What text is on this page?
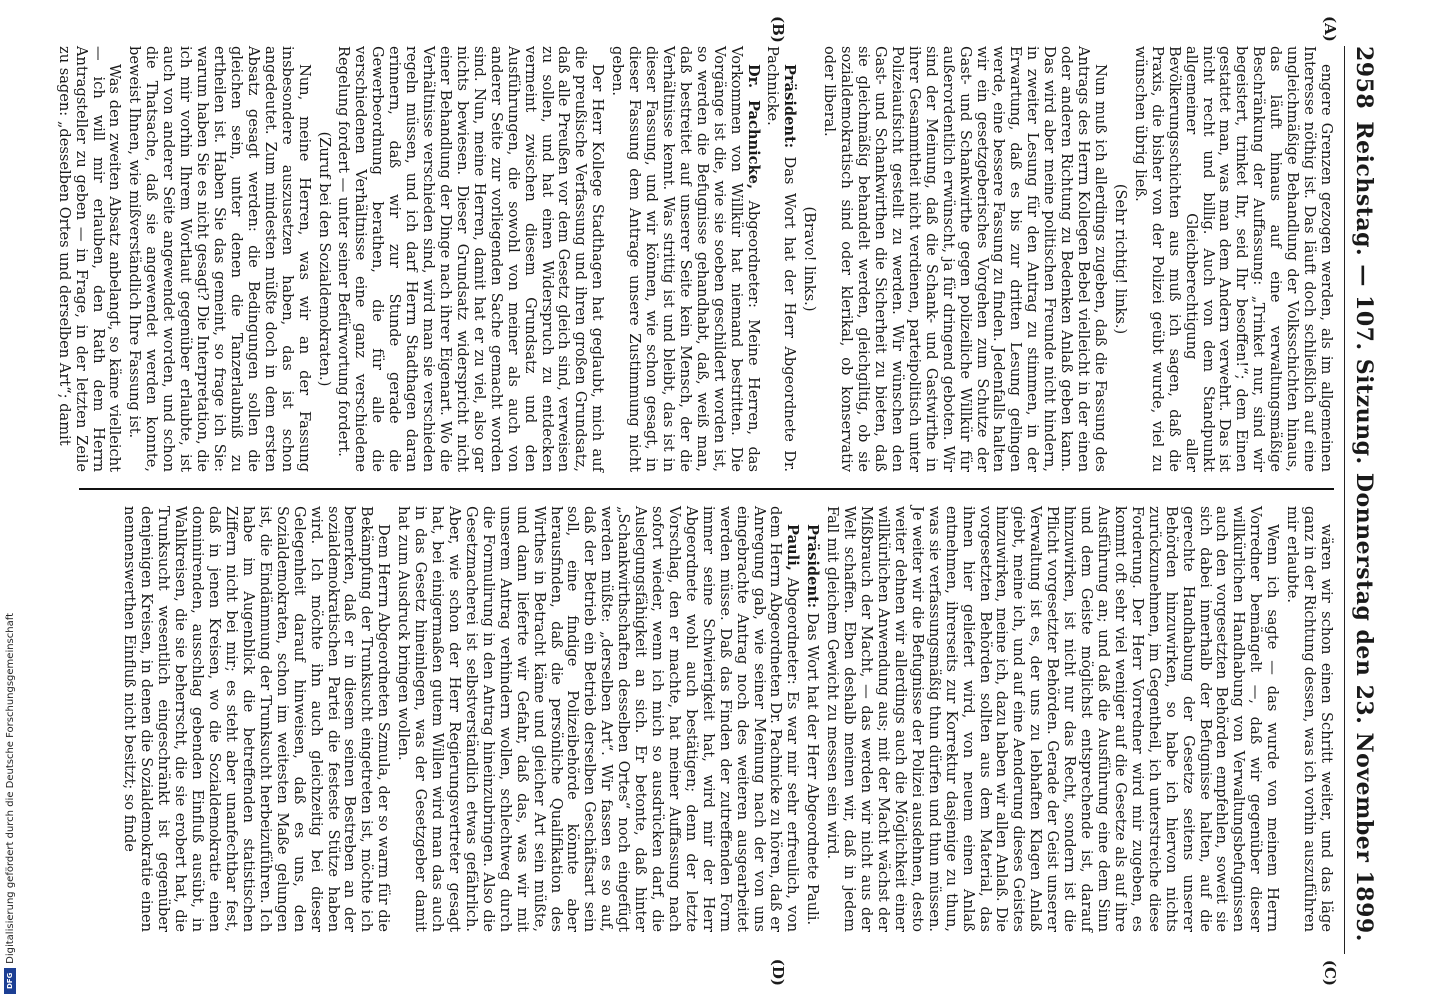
2958
Reichstag. — 107. Sitzung. Donnerstag den 23. November 1899.

engere Grenzen gezogen werden, als im allgemeinen Interesse nöthig ist. Das läuft doch schließlich auf eine ungleichmäßige Behandlung der Volksschichten hinaus, das läuft hinaus auf eine verwaltungsmäßige Beschränkung der Auffassung: „Trinket nur, sind wir begeistert, trinket Ihr, seid Ihr besoffen!“; dem Einen gestattet man, was man dem Andern verwehrt. Das ist nicht recht und billig. Auch von dem Standpunkt allgemeiner Gleichberechtigung aller Bevölkerungsschichten aus muß ich sagen, daß die Praxis, die bisher von der Polizei geübt wurde, viel zu wünschen übrig ließ.

(Sehr richtig! links.)

Nun muß ich allerdings zugeben, daß die Fassung des Antrags des Herrn Kollegen Bebel vielleicht in der einen oder anderen Richtung zu Bedenken Anlaß geben kann. Das wird aber meine politischen Freunde nicht hindern, in zweiter Lesung für den Antrag zu stimmen, in der Erwartung, daß es bis zur dritten Lesung gelingen werde, eine bessere Fassung zu finden. Jedenfalls halten wir ein gesetzgeberisches Vorgehen zum Schutze der Gast- und Schankwirthe gegen polizeiliche Willkür für außerordentlich erwünscht, ja für dringend geboten. Wir sind der Meinung, daß die Schank- und Gastwirthe in ihrer Gesammtheit nicht verdienen, parteipolitisch unter Polizeiaufsicht gestellt zu werden. Wir wünschen den Gast- und Schankwirthen die Sicherheit zu bieten, daß sie gleichmäßig behandelt werden, gleichgiltig, ob sie sozialdemokratisch sind oder klerikal, ob konservativ oder liberal.

(Bravo! links.)

Präsident: Das Wort hat der Herr Abgeordnete Dr. Pachnicke.

Dr. Pachnicke, Abgeordneter: Meine Herren, das Vorkommen von Willkür hat niemand bestritten. Die Vorgänge ist die, wie sie soeben geschildert worden ist, so werden die Befugnisse gehandhabt, daß, weiß man, daß bestreitet auf unserer Seite kein Mensch, der die Verhältnisse kennt. Was strittig ist und bleibt, das ist in dieser Fassung, und wir können, wie schon gesagt, in dieser Fassung dem Antrage unsere Zustimmung nicht geben.

Der Herr Kollege Stadthagen hat geglaubt, mich auf die preußische Verfassung und ihren großen Grundsatz, daß alle Preußen vor dem Gesetz gleich sind, verweisen zu sollen, und hat einen Widerspruch zu entdecken vermeint zwischen diesem Grundsatz und den Ausführungen, die sowohl von meiner als auch von anderer Seite zur vorliegenden Sache gemacht worden sind. Nun, meine Herren, damit hat er zu viel, also gar nichts bewiesen. Dieser Grundsatz widerspricht nicht einer Behandlung der Dinge nach ihrer Eigenart. Wo die Verhältnisse verschieden sind, wird man sie verschieden regeln müssen, und ich darf Herrn Stadthagen daran erinnern, daß wir zur Stunde gerade die Gewerbeordnung berathen, die für alle die verschiedenen Verhältnisse eine ganz verschiedene Regelung fordert — unter seiner Befürwortung fordert.

(Zuruf bei den Sozialdemokraten.)

Nun, meine Herren, was wir an der Fassung insbesondere auszusetzen haben, das ist schon angedeutet. Zum mindesten müßte doch in dem ersten Absatz gesagt werden: die Bedingungen sollen die gleichen sein, unter denen die Tanzerlaubniß zu ertheilen ist. Haben Sie das gemeint, so frage ich Sie: warum haben Sie es nicht gesagt? Die Interpretation, die ich mir vorhin Ihrem Wortlaut gegenüber erlaubte, ist auch von anderer Seite angewendet worden, und schon die Thatsache, daß sie angewendet werden konnte, beweist Ihnen, wie mißverständlich Ihre Fassung ist.

Was den zweiten Absatz anbelangt, so käme vielleicht — ich will mir erlauben, den Rath dem Herrn Antragsteller zu geben — in Frage, in der letzten Zeile zu sagen: „desselben Ortes und derselben Art“; damit

wären wir schon einen Schritt weiter, und das läge ganz in der Richtung dessen, was ich vorhin auszuführen mir erlaubte.

Wenn ich sagte — das wurde von meinem Herrn Vorredner bemängelt —, daß wir gegenüber dieser willkürlichen Handhabung von Verwaltungsbefugnissen auch den vorgesetzten Behörden empfehlen, soweit sie sich dabei innerhalb der Befugnisse halten, auf die gerechte Handhabung der Gesetze seitens unserer Behörden hinzuwirken, so habe ich hiervon nichts zurückzunehmen, im Gegentheil, ich unterstreiche diese Forderung. Der Herr Vorredner wird mir zugeben, es kommt oft sehr viel weniger auf die Gesetze als auf ihre Ausführung an; und daß die Ausführung eine dem Sinn und dem Geiste möglichst entsprechende ist, darauf hinzuwirken, ist nicht nur das Recht, sondern ist die Pflicht vorgesetzter Behörden. Gerade der Geist unserer Verwaltung ist es, der uns zu lebhaften Klagen Anlaß giebt, meine ich, und auf eine Aenderung dieses Geistes hinzuwirken, meine ich, dazu haben wir allen Anlaß. Die vorgesetzten Behörden sollten aus dem Material, das ihnen hier geliefert wird, von neuem einen Anlaß entnehmen, ihrerseits zur Korrektur dasjenige zu thun, was sie verfassungsmäßig thun dürfen und thun müssen. Je weiter wir die Befugnisse der Polizei ausdehnen, desto weiter dehnen wir allerdings auch die Möglichkeit einer willkürlichen Anwendung aus; mit der Macht wächst der Mißbrauch der Macht, — das werden wir nicht aus der Welt schaffen. Eben deshalb meinen wir, daß in jedem Fall mit gleichem Gewicht zu messen sein wird.

Präsident: Das Wort hat der Herr Abgeordnete Pauli.

Pauli, Abgeordneter: Es war mir sehr erfreulich, von dem Herrn Abgeordneten Dr. Pachnicke zu hören, daß er Anregung gab, wie seiner Meinung nach der von uns eingebrachte Antrag noch des weiteren ausgearbeitet werden müsse. Daß das Finden der zutreffenden Form immer seine Schwierigkeit hat, wird mir der Herr Abgeordnete wohl auch bestätigen; denn der letzte Vorschlag, den er machte, hat meiner Auffassung nach sofort wieder, wenn ich mich so ausdrücken darf, die Auslegungsfähigkeit an sich. Er betonte, daß hinter „Schankwirthschaften desselben Ortes“ noch eingefügt werden müßte: „derselben Art“. Wir fassen es so auf, daß der Betrieb ein Betrieb derselben Geschäftsart sein soll, eine findige Polizeibehörde könnte aber herausfinden, daß die persönliche Qualifikation des Wirthes in Betracht käme und gleicher Art sein müßte, und dann lieferte wir Gefahr, daß das, was wir mit unserem Antrag verhindern wollen, schlechtweg durch die Formulirung in den Antrag hineinzubringen. Also die Gesetzmacherei ist selbstverständlich etwas gefährlich. Aber, wie schon der Herr Regierungsvertreter gesagt hat, bei einigermaßen gutem Willen wird man das auch in das Gesetz hineinlegen, was der Gesetzgeber damit hat zum Ausdruck bringen wollen.

Dem Herrn Abgeordneten Szmula, der so warm für die Bekämpfung der Trunksucht eingetreten ist, möchte ich bemerken, daß er in diesem seinen Bestreben an der sozialdemokratischen Partei die festeste Stütze haben wird. Ich möchte ihn auch gleichzeitig bei dieser Gelegenheit darauf hinweisen, daß es uns, den Sozialdemokraten, schon im weitesten Maße gelungen ist, die Eindämmung der Trunksucht herbeizuführen. Ich habe im Augenblick die betreffenden statistischen Ziffern nicht bei mir; es steht aber unanfechtbar fest, daß in jenen Kreisen, wo die Sozialdemokratie einen dominirenden, ausschlag gebenden Einfluß ausübt, in Wahlkreisen, die sie beherrscht, die sie erobert hat, die Trunksucht wesentlich eingeschränkt ist gegenüber denjenigen Kreisen, in denen die Sozialdemokratie einen nennenswerthen Einfluß nicht besitzt; so finde

(A)
(B)
(C)
(D)
Digitalisierung gefördert durch die Deutsche Forschungsgemeinschaft
DFG
